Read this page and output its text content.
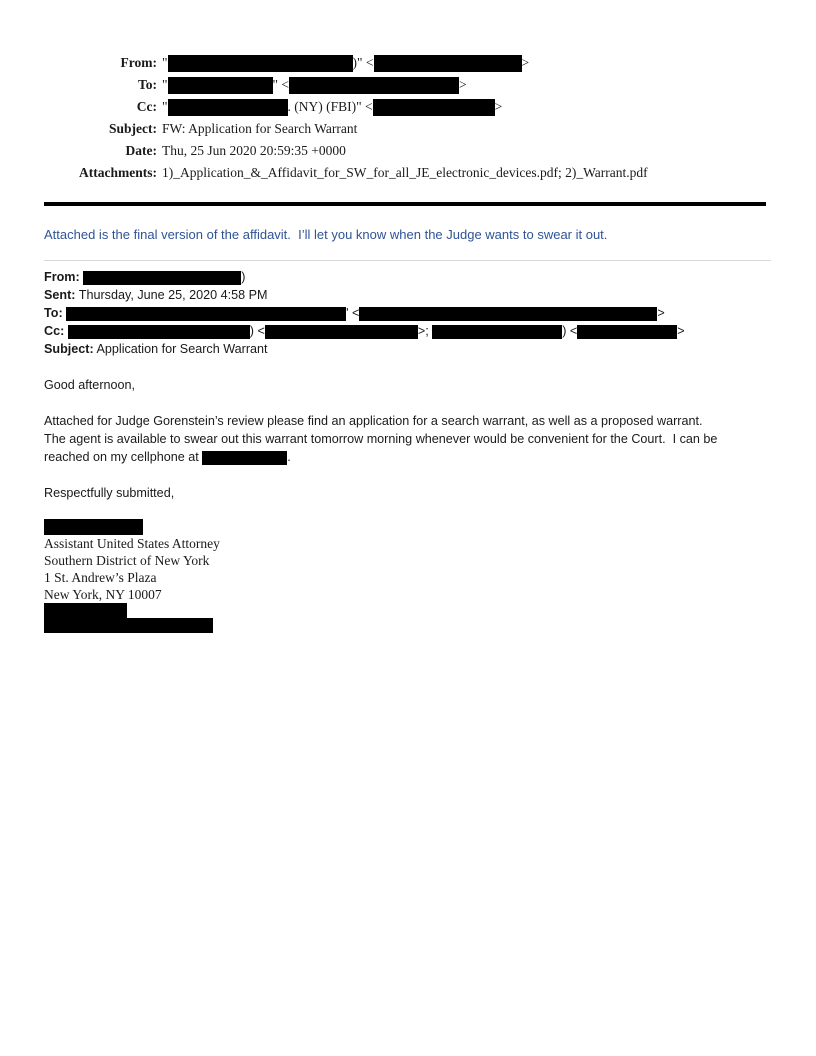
From: "	)" <	>
To: "	" <	>
Cc: "	. (NY) (FBI)" <	>
Subject: FW: Application for Search Warrant
Date: Thu, 25 Jun 2020 20:59:35 +0000
Attachments: 1)_Application_&_Affidavit_for_SW_for_all_JE_electronic_devices.pdf; 2)_Warrant.pdf
Attached is the final version of the affidavit.  I’ll let you know when the Judge wants to swear it out.
From:	)
Sent: Thursday, June 25, 2020 4:58 PM
To:	' <	>
Cc:	) <	>;	) <	>
Subject: Application for Search Warrant
Good afternoon,
Attached for Judge Gorenstein’s review please find an application for a search warrant, as well as a proposed warrant.
The agent is available to swear out this warrant tomorrow morning whenever would be convenient for the Court.  I can be
reached on my cellphone at	.
Respectfully submitted,
Assistant United States Attorney
Southern District of New York
1 St. Andrew’s Plaza
New York, NY 10007
